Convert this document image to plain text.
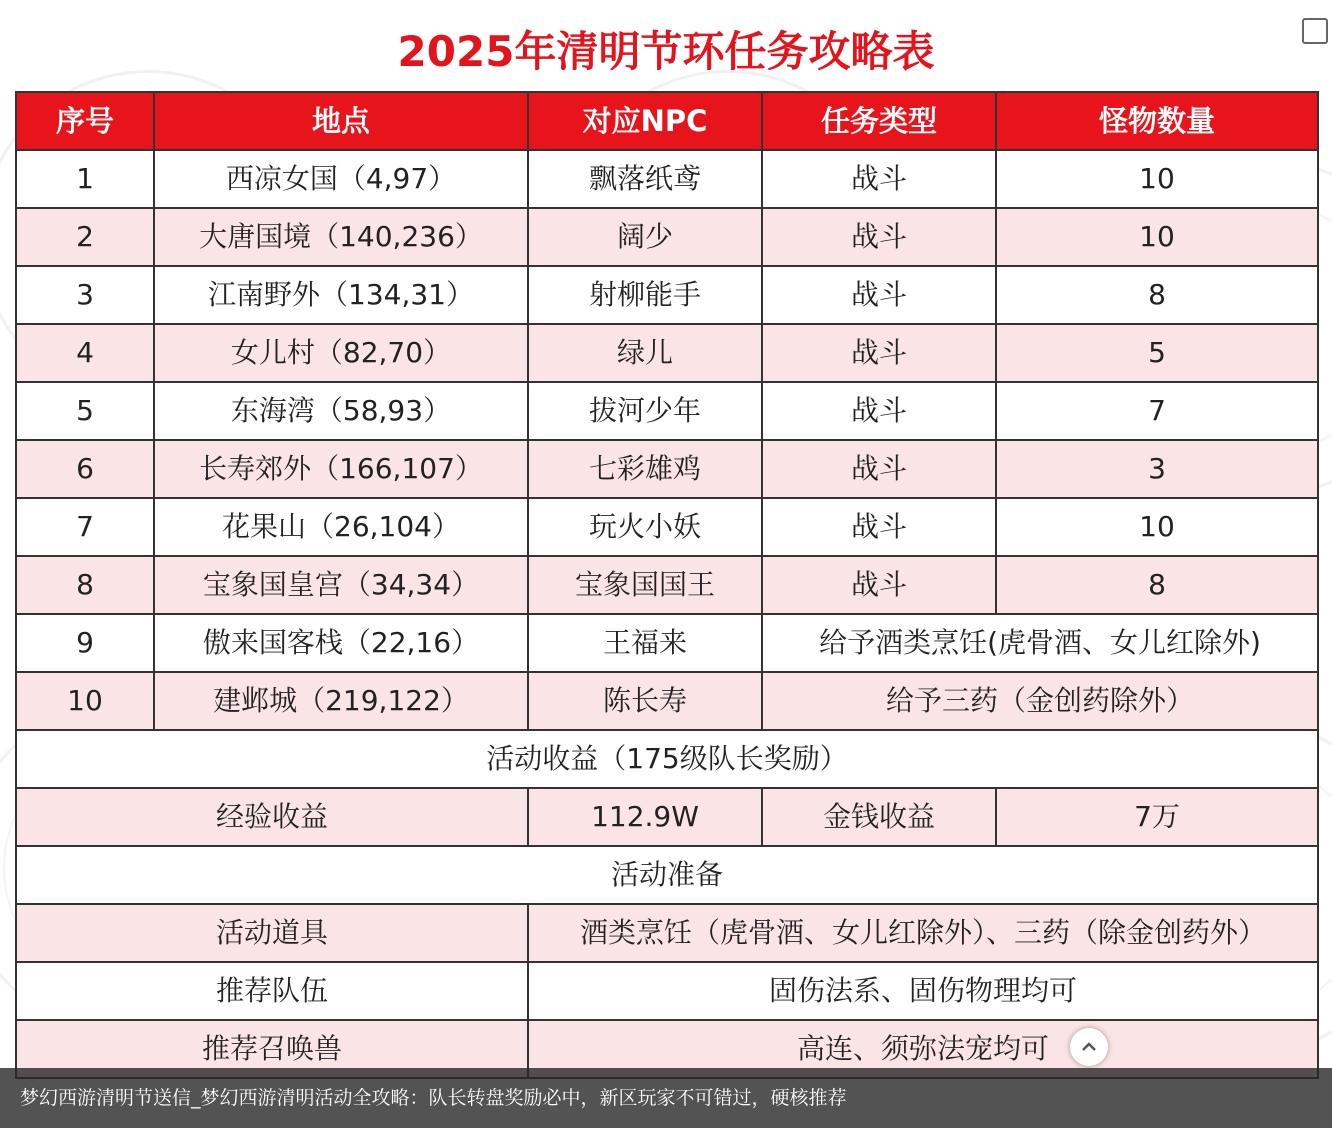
2025年清明节环任务攻略表
序号	地点	对应NPC	任务类型	怪物数量
1	西凉女国（4,97）	飘落纸鸢	战斗	10
2	大唐国境（140,236）	阔少	战斗	10
3	江南野外（134,31）	射柳能手	战斗	8
4	女儿村（82,70）	绿儿	战斗	5
5	东海湾（58,93）	拔河少年	战斗	7
6	长寿郊外（166,107）	七彩雄鸡	战斗	3
7	花果山（26,104）	玩火小妖	战斗	10
8	宝象国皇宫（34,34）	宝象国国王	战斗	8
9	傲来国客栈（22,16）	王福来	给予酒类烹饪(虎骨酒、女儿红除外)	
10	建邺城（219,122）	陈长寿	给予三药（金创药除外）	
活动收益（175级队长奖励）				
经验收益		112.9W	金钱收益	7万
活动准备				
活动道具		酒类烹饪（虎骨酒、女儿红除外）、三药（除金创药外）		
推荐队伍		固伤法系、固伤物理均可		
推荐召唤兽		高连、须弥法宠均可		
梦幻西游清明节送信_梦幻西游清明活动全攻略：队长转盘奖励必中，新区玩家不可错过，硬核推荐
